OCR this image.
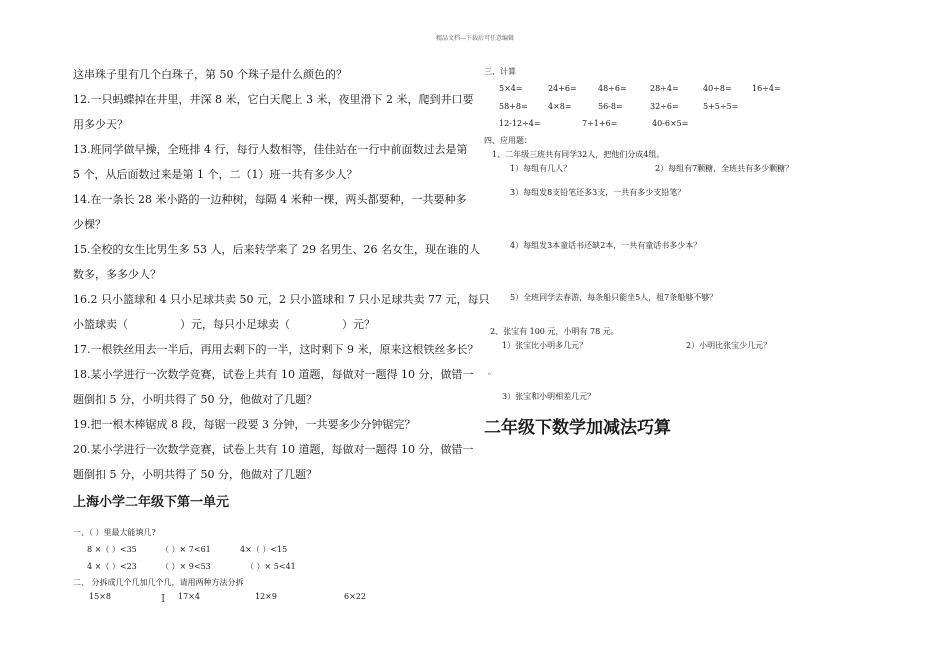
精品文档---下载后可任意编辑
这串珠子里有几个白珠子，第 50 个珠子是什么颜色的？
12.一只蚂蝶掉在井里，井深 8 米，它白天爬上 3 米，夜里滑下 2 米，爬到井口要
用多少天？
13.班同学做早操，全班排 4 行，每行人数相等，佳佳站在一行中前面数过去是第
5 个，从后面数过来是第 1 个，二（1）班一共有多少人？
14.在一条长 28 米小路的一边种树，每隔 4 米种一棵，两头都要种，一共要种多
少棵？
15.全校的女生比男生多 53 人，后来转学来了 29 名男生、26 名女生，现在谁的人
数多，多多少人？
16.2 只小篮球和 4 只小足球共卖 50 元，2 只小篮球和 7 只小足球共卖 77 元，每只
小篮球卖（	）元，每只小足球卖（	）元？
17.一根铁丝用去一半后，再用去剩下的一半，这时剩下 9 米，原来这根铁丝多长？
18.某小学进行一次数学竞赛，试卷上共有 10 道题，每做对一题得 10 分，做错一
题倒扣 5 分，小明共得了 50 分，他做对了几题？
19.把一根木棒锯成 8 段，每锯一段要 3 分钟，一共要多少分钟锯完？
20.某小学进行一次数学竞赛，试卷上共有 10 道题，每做对一题得 10 分，做错一
题倒扣 5 分，小明共得了 50 分，他做对了几题？
上海小学二年级下第一单元
一、（ ）里最大能填几?
8 ×（ ）<35	（ ）× 7<61	4×（ ）<15
4 ×（ ）<23	（ ）× 9<53	（ ）× 5<41
二、 分拆成几个几加几个几，请用两种方法分拆
15×8	I 17×4	12×9	6×22
三、计算
5×4=	24+6=	48÷6=	28÷4=	40÷8=	16÷4=
58+8=	4×8=	56-8=	32÷6=	5+5÷5=
12-12÷4=	7÷1+6=	40-6×5=
四、应用题：
1、二年级三班共有同学32人，把他们分成4组。
1）每组有几人？	2）每组有7颗糖，全班共有多少颗糖？
3）每组发8支铅笔还多3支，一共有多少支铅笔？
4）每组发3本童话书还缺2本，一共有童话书多少本？
5）全班同学去春游，每条船只能坐5人，租7条船够不够？
2、张宝有 100 元，小明有 78 元。
1）张宝比小明多几元？	2）小明比张宝少几元？
。
3）张宝和小明相差几元？
二年级下数学加减法巧算
